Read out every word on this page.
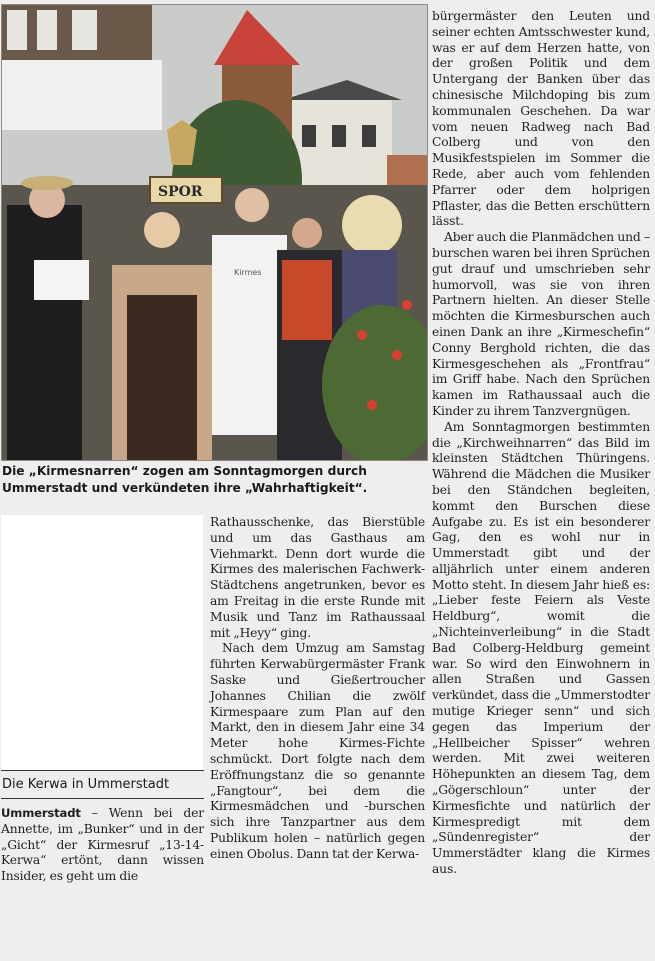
SPOR
Kirmes
Die „Kirmesnarren“ zogen am Sonntagmorgen durch Ummerstadt und verkündeten ihre „Wahrhaftigkeit“.
Die Kerwa in Ummerstadt

Ummerstadt – Wenn bei der Annette, im „Bunker“ und in der „Gicht“ der Kirmesruf „13-14-Kerwa“ ertönt, dann wissen Insider, es geht um die

Rathausschenke, das Bierstüble und um das Gasthaus am Viehmarkt. Denn dort wurde die Kirmes des malerischen Fachwerk-Städtchens angetrunken, bevor es am Freitag in die erste Runde mit Musik und Tanz im Rathaussaal mit „Heyy“ ging.

Nach dem Umzug am Samstag führten Kerwabürgermäster Frank Saske und Gießertroucher Johannes Chilian die zwölf Kirmespaare zum Plan auf den Markt, den in diesem Jahr eine 34 Meter hohe Kirmes-Fichte schmückt. Dort folgte nach dem Eröffnungstanz die so genannte „Fangtour“, bei dem die Kirmesmädchen und -burschen sich ihre Tanzpartner aus dem Publikum holen – natürlich gegen einen Obolus. Dann tat der Kerwa-

bürgermäster den Leuten und seiner echten Amtsschwester kund, was er auf dem Herzen hatte, von der großen Politik und dem Untergang der Banken über das chinesische Milchdoping bis zum kommunalen Geschehen. Da war vom neuen Radweg nach Bad Colberg und von den Musikfestspielen im Sommer die Rede, aber auch vom fehlenden Pfarrer oder dem holprigen Pflaster, das die Betten erschüttern lässt.

Aber auch die Planmädchen und –burschen waren bei ihren Sprüchen gut drauf und umschrieben sehr humorvoll, was sie von ihren Partnern hielten. An dieser Stelle möchten die Kirmesburschen auch einen Dank an ihre „Kirmeschefin“ Conny Berghold richten, die das Kirmesgeschehen als „Frontfrau“ im Griff habe. Nach den Sprüchen kamen im Rathaussaal auch die Kinder zu ihrem Tanzvergnügen.

Am Sonntagmorgen bestimmten die „Kirchweihnarren“ das Bild im kleinsten Städtchen Thüringens. Während die Mädchen die Musiker bei den Ständchen begleiten, kommt den Burschen diese Aufgabe zu. Es ist ein besonderer Gag, den es wohl nur in Ummerstadt gibt und der alljährlich unter einem anderen Motto steht. In diesem Jahr hieß es: „Lieber feste Feiern als Veste Heldburg“, womit die „Nichteinverleibung“ in die Stadt Bad Colberg-Heldburg gemeint war. So wird den Einwohnern in allen Straßen und Gassen verkündet, dass die „Ummerstodter mutige Krieger senn“ und sich gegen das Imperium der „Hellbeicher Spisser“ wehren werden. Mit zwei weiteren Höhepunkten an diesem Tag, dem „Gögerschloun“ unter der Kirmesfichte und natürlich der Kirmespredigt mit dem „Sündenregister“ der Ummerstädter klang die Kirmes aus.
